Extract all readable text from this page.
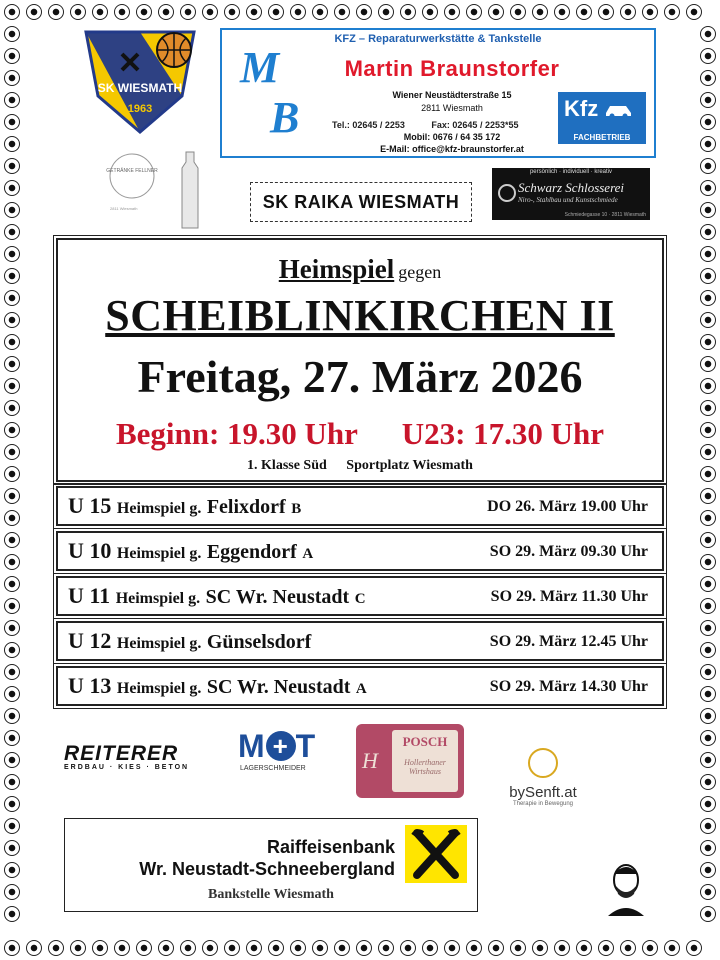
SK WIESMATH
1963
KFZ – Reparaturwerkstätte & Tankstelle
M
B
Martin Braunstorfer
Wiener Neustädterstraße 15
2811 Wiesmath
Tel.: 02645 / 2253	Fax: 02645 / 2253*55
Mobil: 0676 / 64 35 172
E-Mail: office@kfz-braunstorfer.at
Kfz
FACHBETRIEB
GETRÄNKE FELLNER
2811 Wiesmath	SK RAIKA WIESMATH
persönlich · individuell · kreativ
Schwarz Schlosserei
Niro-, Stahlbau und Kunstschmiede
Schmiedegasse 10 · 2811 Wiesmath
Heimspiel gegen
SCHEIBLINKIRCHEN II
Freitag, 27. März 2026
Beginn: 19.30 Uhr U23: 17.30 Uhr
1. Klasse Süd Sportplatz Wiesmath
U 15 Heimspiel g. Felixdorf B	DO 26. März 19.00 Uhr
U 10 Heimspiel g. Eggendorf A	SO 29. März 09.30 Uhr
U 11 Heimspiel g. SC Wr. Neustadt C	SO 29. März 11.30 Uhr
U 12 Heimspiel g. Günselsdorf	SO 29. März 12.45 Uhr
U 13 Heimspiel g. SC Wr. Neustadt A	SO 29. März 14.30 Uhr
REITERER
ERDBAU · KIES · BETON
M + T
LAGERSCHMEIDER	H
POSCH
Hollerthaner Wirtshaus
bySenft.at
Therapie in Bewegung
Raiffeisenbank
Wr. Neustadt-Schneebergland
Bankstelle Wiesmath
